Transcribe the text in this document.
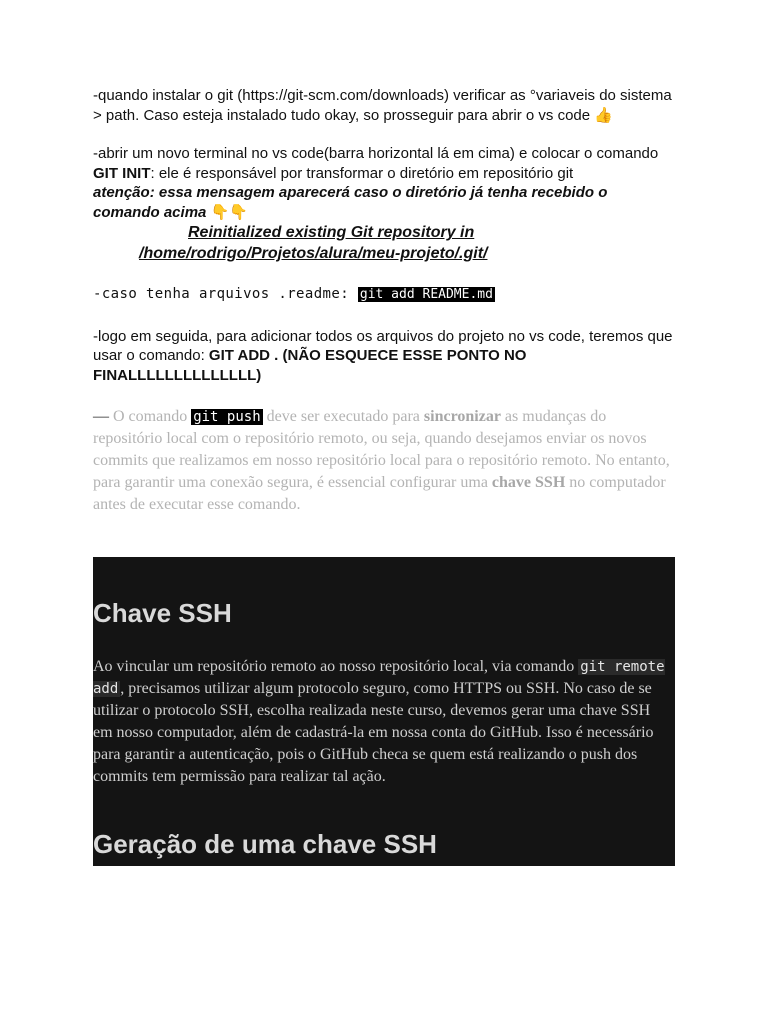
-quando instalar o git (https://git-scm.com/downloads) verificar as °variaveis do sistema > path. Caso esteja instalado tudo okay, so prosseguir para abrir o vs code 👍

-abrir um novo terminal no vs code(barra horizontal lá em cima) e colocar o comando

GIT INIT: ele é responsável por transformar o diretório em repositório git

atenção: essa mensagem aparecerá caso o diretório já tenha recebido o comando acima 👇👇

Reinitialized existing Git repository in
/home/rodrigo/Projetos/alura/meu-projeto/.git/

-caso tenha arquivos .readme: git add README.md

-logo em seguida, para adicionar todos os arquivos do projeto no vs code, teremos que usar o comando: GIT ADD . (NÃO ESQUECE ESSE PONTO NO FINALLLLLLLLLLLLLL)

— O comando git push deve ser executado para sincronizar as mudanças do repositório local com o repositório remoto, ou seja, quando desejamos enviar os novos commits que realizamos em nosso repositório local para o repositório remoto. No entanto, para garantir uma conexão segura, é essencial configurar uma chave SSH no computador antes de executar esse comando.

Chave SSH

Ao vincular um repositório remoto ao nosso repositório local, via comando git remote add , precisamos utilizar algum protocolo seguro, como HTTPS ou SSH. No caso de se utilizar o protocolo SSH, escolha realizada neste curso, devemos gerar uma chave SSH em nosso computador, além de cadastrá-la em nossa conta do GitHub. Isso é necessário para garantir a autenticação, pois o GitHub checa se quem está realizando o push dos commits tem permissão para realizar tal ação.

Geração de uma chave SSH
